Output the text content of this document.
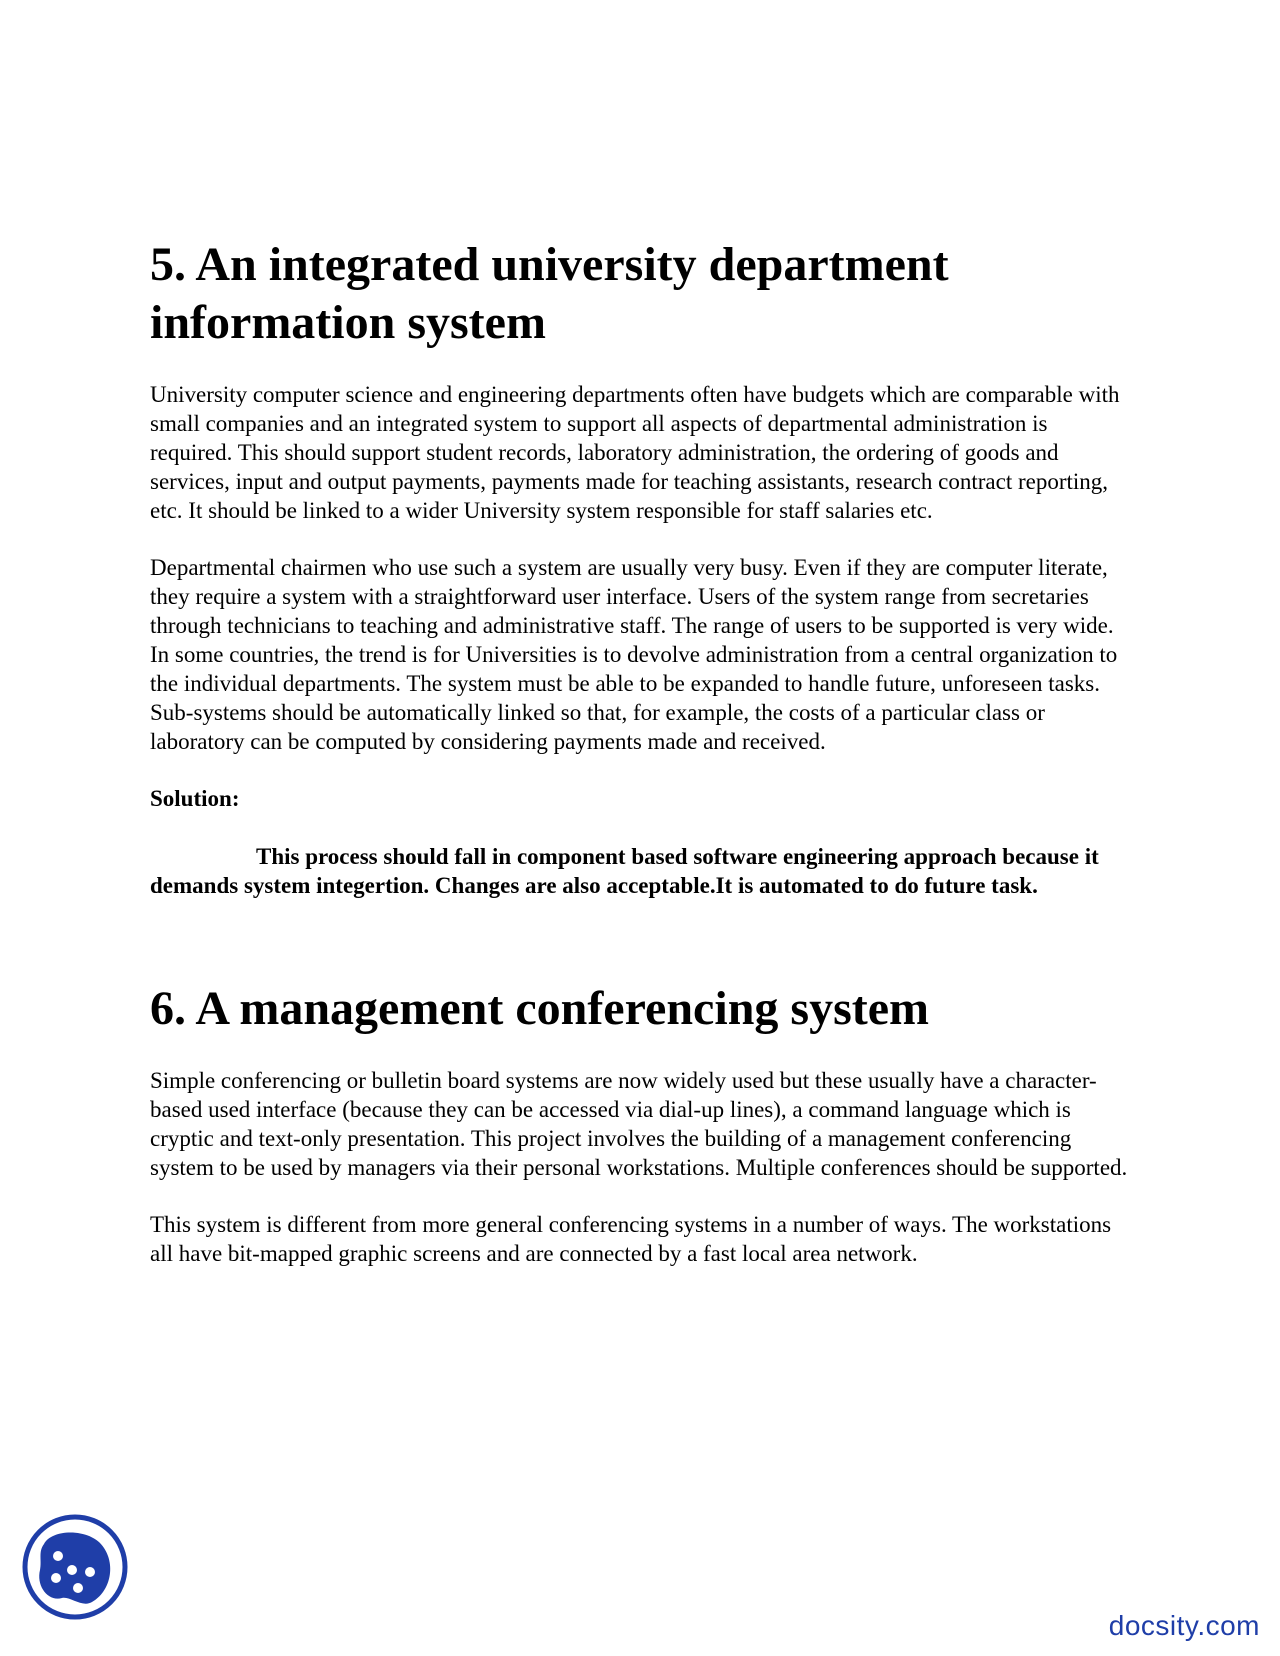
5. An integrated university department
information system

University computer science and engineering departments often have budgets which are comparable with small companies and an integrated system to support all aspects of departmental administration is required. This should support student records, laboratory administration, the ordering of goods and services, input and output payments, payments made for teaching assistants, research contract reporting, etc. It should be linked to a wider University system responsible for staff salaries etc.

Departmental chairmen who use such a system are usually very busy. Even if they are computer literate, they require a system with a straightforward user interface. Users of the system range from secretaries through technicians to teaching and administrative staff. The range of users to be supported is very wide. In some countries, the trend is for Universities is to devolve administration from a central organization to the individual departments. The system must be able to be expanded to handle future, unforeseen tasks. Sub-systems should be automatically linked so that, for example, the costs of a particular class or laboratory can be computed by considering payments made and received.

Solution:

This process should fall in component based software engineering approach because it demands system integertion. Changes are also acceptable.It is automated to do future task.

6. A management conferencing system

Simple conferencing or bulletin board systems are now widely used but these usually have a character-based used interface (because they can be accessed via dial-up lines), a command language which is cryptic and text-only presentation. This project involves the building of a management conferencing system to be used by managers via their personal workstations. Multiple conferences should be supported.

This system is different from more general conferencing systems in a number of ways. The workstations all have bit-mapped graphic screens and are connected by a fast local area network.

docsity.com
